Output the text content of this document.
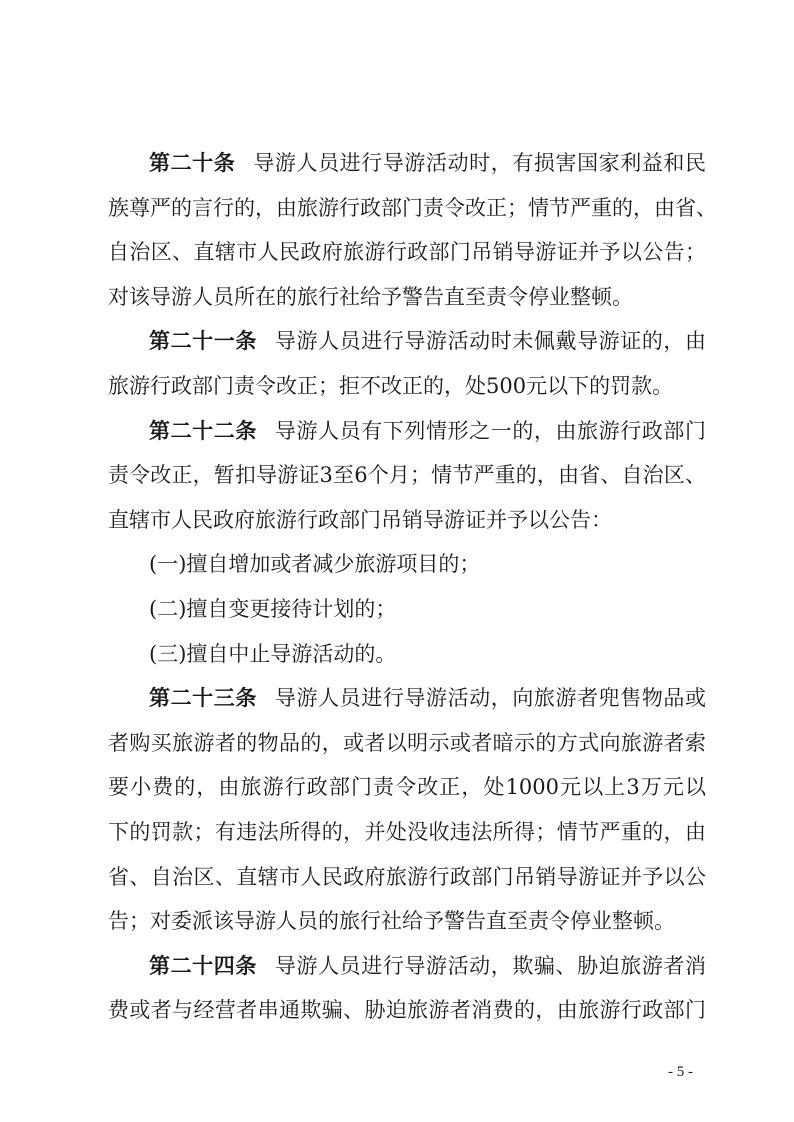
第二十条 导游人员进行导游活动时，有损害国家利益和民
族尊严的言行的，由旅游行政部门责令改正；情节严重的，由省、
自治区、直辖市人民政府旅游行政部门吊销导游证并予以公告；
对该导游人员所在的旅行社给予警告直至责令停业整顿。
第二十一条 导游人员进行导游活动时未佩戴导游证的，由
旅游行政部门责令改正；拒不改正的，处500元以下的罚款。
第二十二条 导游人员有下列情形之一的，由旅游行政部门
责令改正，暂扣导游证3至6个月；情节严重的，由省、自治区、
直辖市人民政府旅游行政部门吊销导游证并予以公告：
(一)擅自增加或者减少旅游项目的；
(二)擅自变更接待计划的；
(三)擅自中止导游活动的。
第二十三条 导游人员进行导游活动，向旅游者兜售物品或
者购买旅游者的物品的，或者以明示或者暗示的方式向旅游者索
要小费的，由旅游行政部门责令改正，处1000元以上3万元以
下的罚款；有违法所得的，并处没收违法所得；情节严重的，由
省、自治区、直辖市人民政府旅游行政部门吊销导游证并予以公
告；对委派该导游人员的旅行社给予警告直至责令停业整顿。
第二十四条 导游人员进行导游活动，欺骗、胁迫旅游者消
费或者与经营者串通欺骗、胁迫旅游者消费的，由旅游行政部门
- 5 -
